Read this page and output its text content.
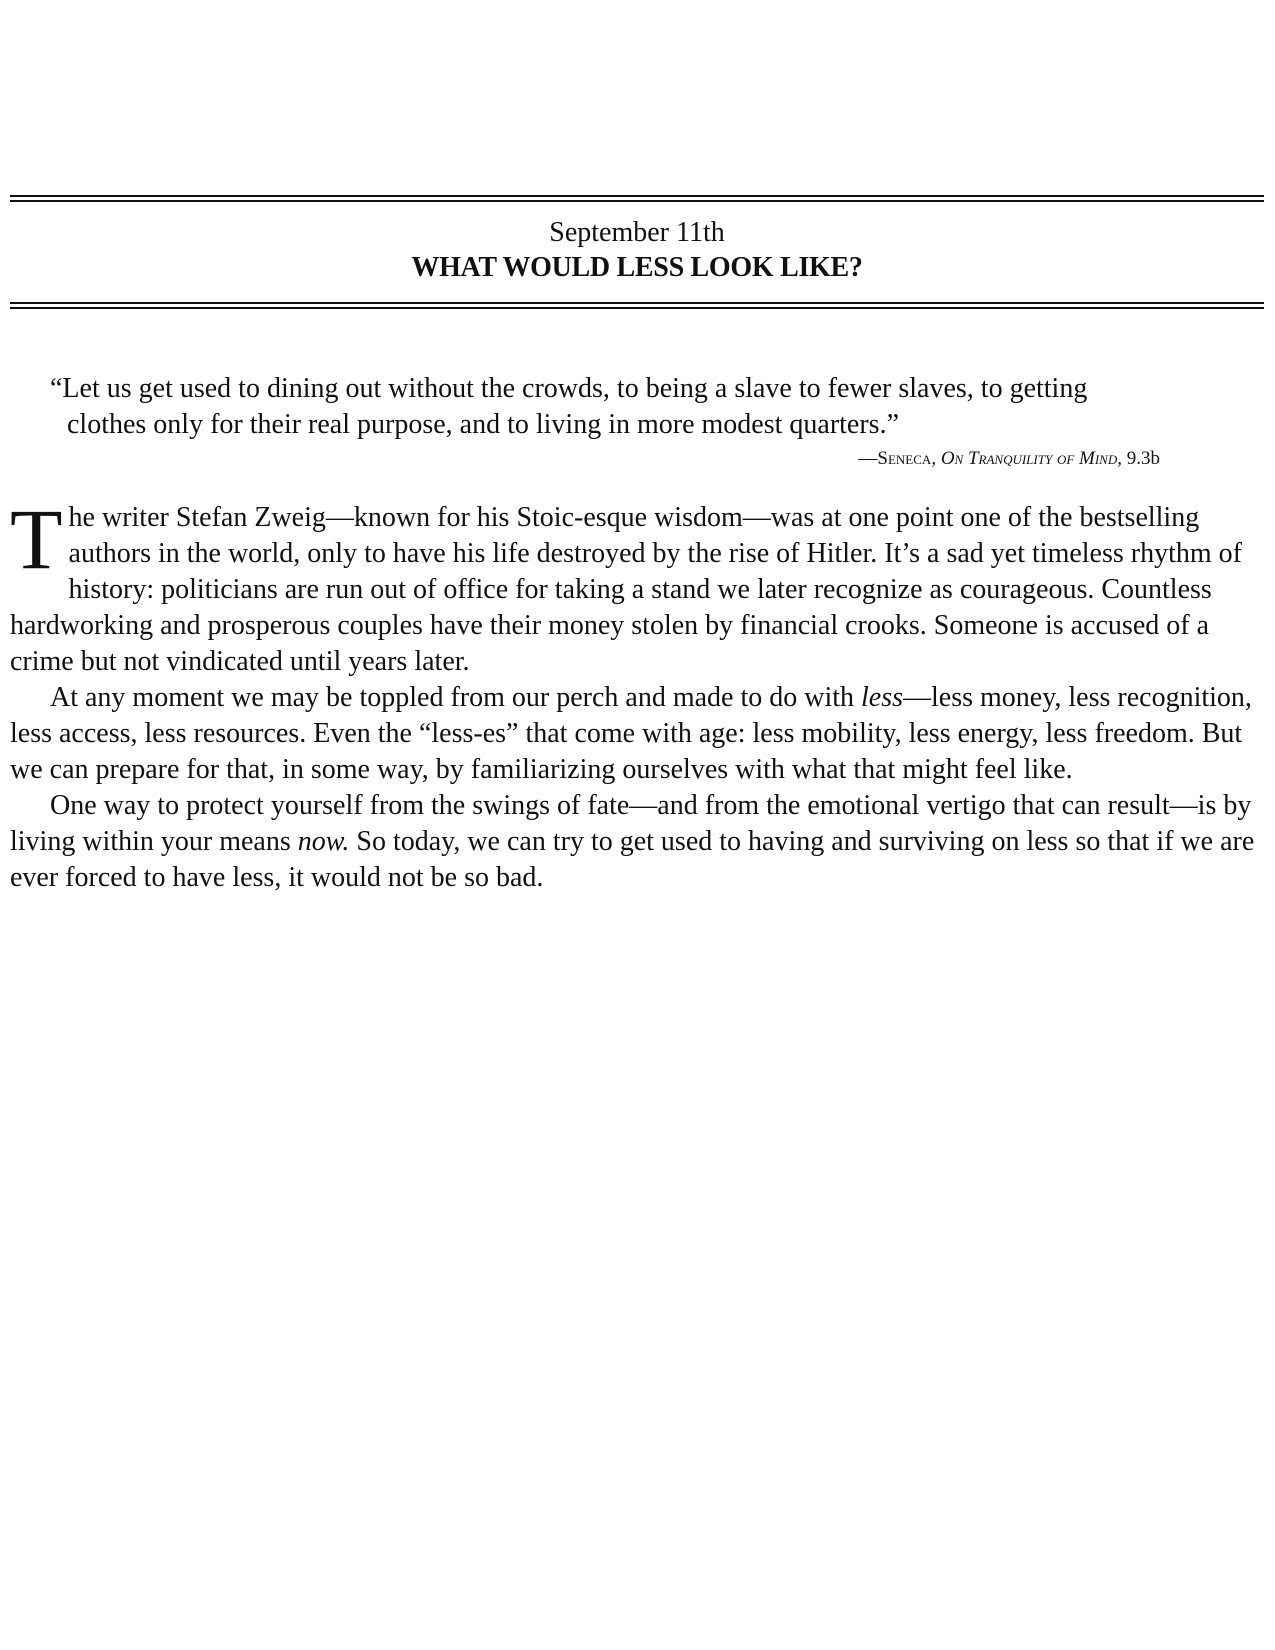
September 11th
WHAT WOULD LESS LOOK LIKE?

“Let us get used to dining out without the crowds, to being a slave to fewer slaves, to getting clothes only for their real purpose, and to living in more modest quarters.”

—Seneca, On Tranquility of Mind, 9.3b

The writer Stefan Zweig—known for his Stoic-esque wisdom—was at one point one of the bestselling authors in the world, only to have his life destroyed by the rise of Hitler. It’s a sad yet timeless rhythm of history: politicians are run out of office for taking a stand we later recognize as courageous. Countless hardworking and prosperous couples have their money stolen by financial crooks. Someone is accused of a crime but not vindicated until years later.

At any moment we may be toppled from our perch and made to do with less—less money, less recognition, less access, less resources. Even the “less-es” that come with age: less mobility, less energy, less freedom. But we can prepare for that, in some way, by familiarizing ourselves with what that might feel like.

One way to protect yourself from the swings of fate—and from the emotional vertigo that can result—is by living within your means now. So today, we can try to get used to having and surviving on less so that if we are ever forced to have less, it would not be so bad.
